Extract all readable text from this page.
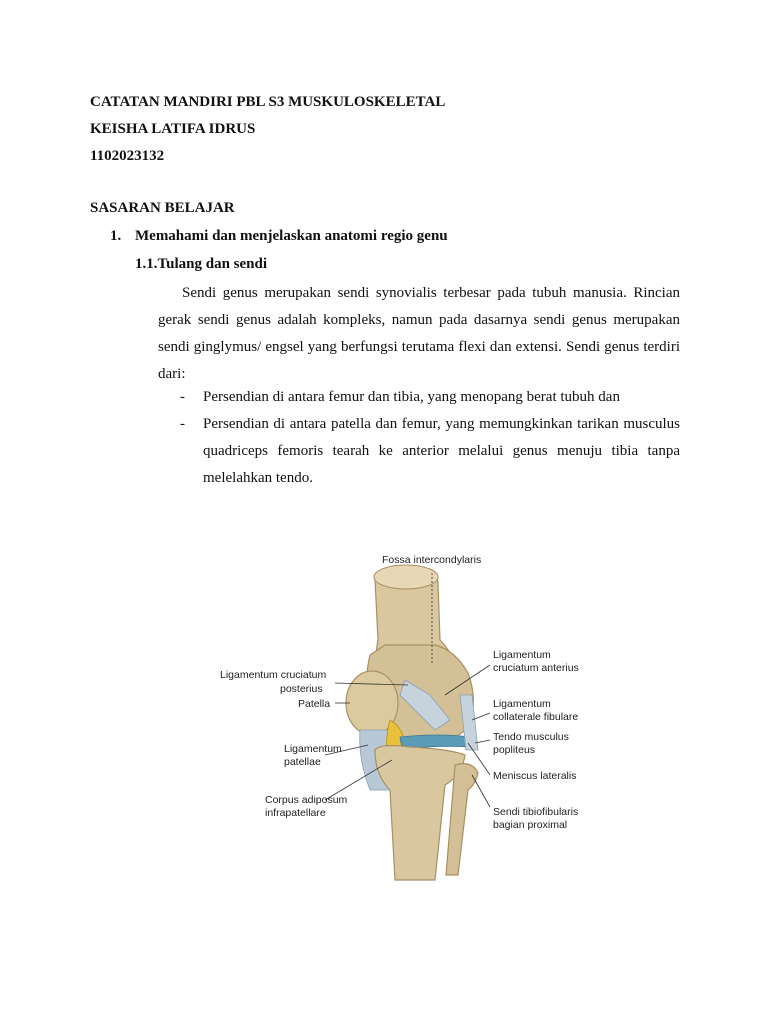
CATATAN MANDIRI PBL S3 MUSKULOSKELETAL
KEISHA LATIFA IDRUS
1102023132
SASARAN BELAJAR
1. Memahami dan menjelaskan anatomi regio genu
1.1.Tulang dan sendi
Sendi genus merupakan sendi synovialis terbesar pada tubuh manusia. Rincian gerak sendi genus adalah kompleks, namun pada dasarnya sendi genus merupakan sendi ginglymus/ engsel yang berfungsi terutama flexi dan extensi. Sendi genus terdiri dari:
- Persendian di antara femur dan tibia, yang menopang berat tubuh dan
- Persendian di antara patella dan femur, yang memungkinkan tarikan musculus quadriceps femoris tearah ke anterior melalui genus menuju tibia tanpa melelahkan tendo.
Fossa intercondylaris
Ligamentum cruciatum
posterius
Patella
Ligamentum
patellae
Corpus adiposum
infrapatellare
Ligamentum
cruciatum anterius
Ligamentum
collaterale fibulare
Tendo musculus
popliteus
Meniscus lateralis
Sendi tibiofibularis
bagian proximal
